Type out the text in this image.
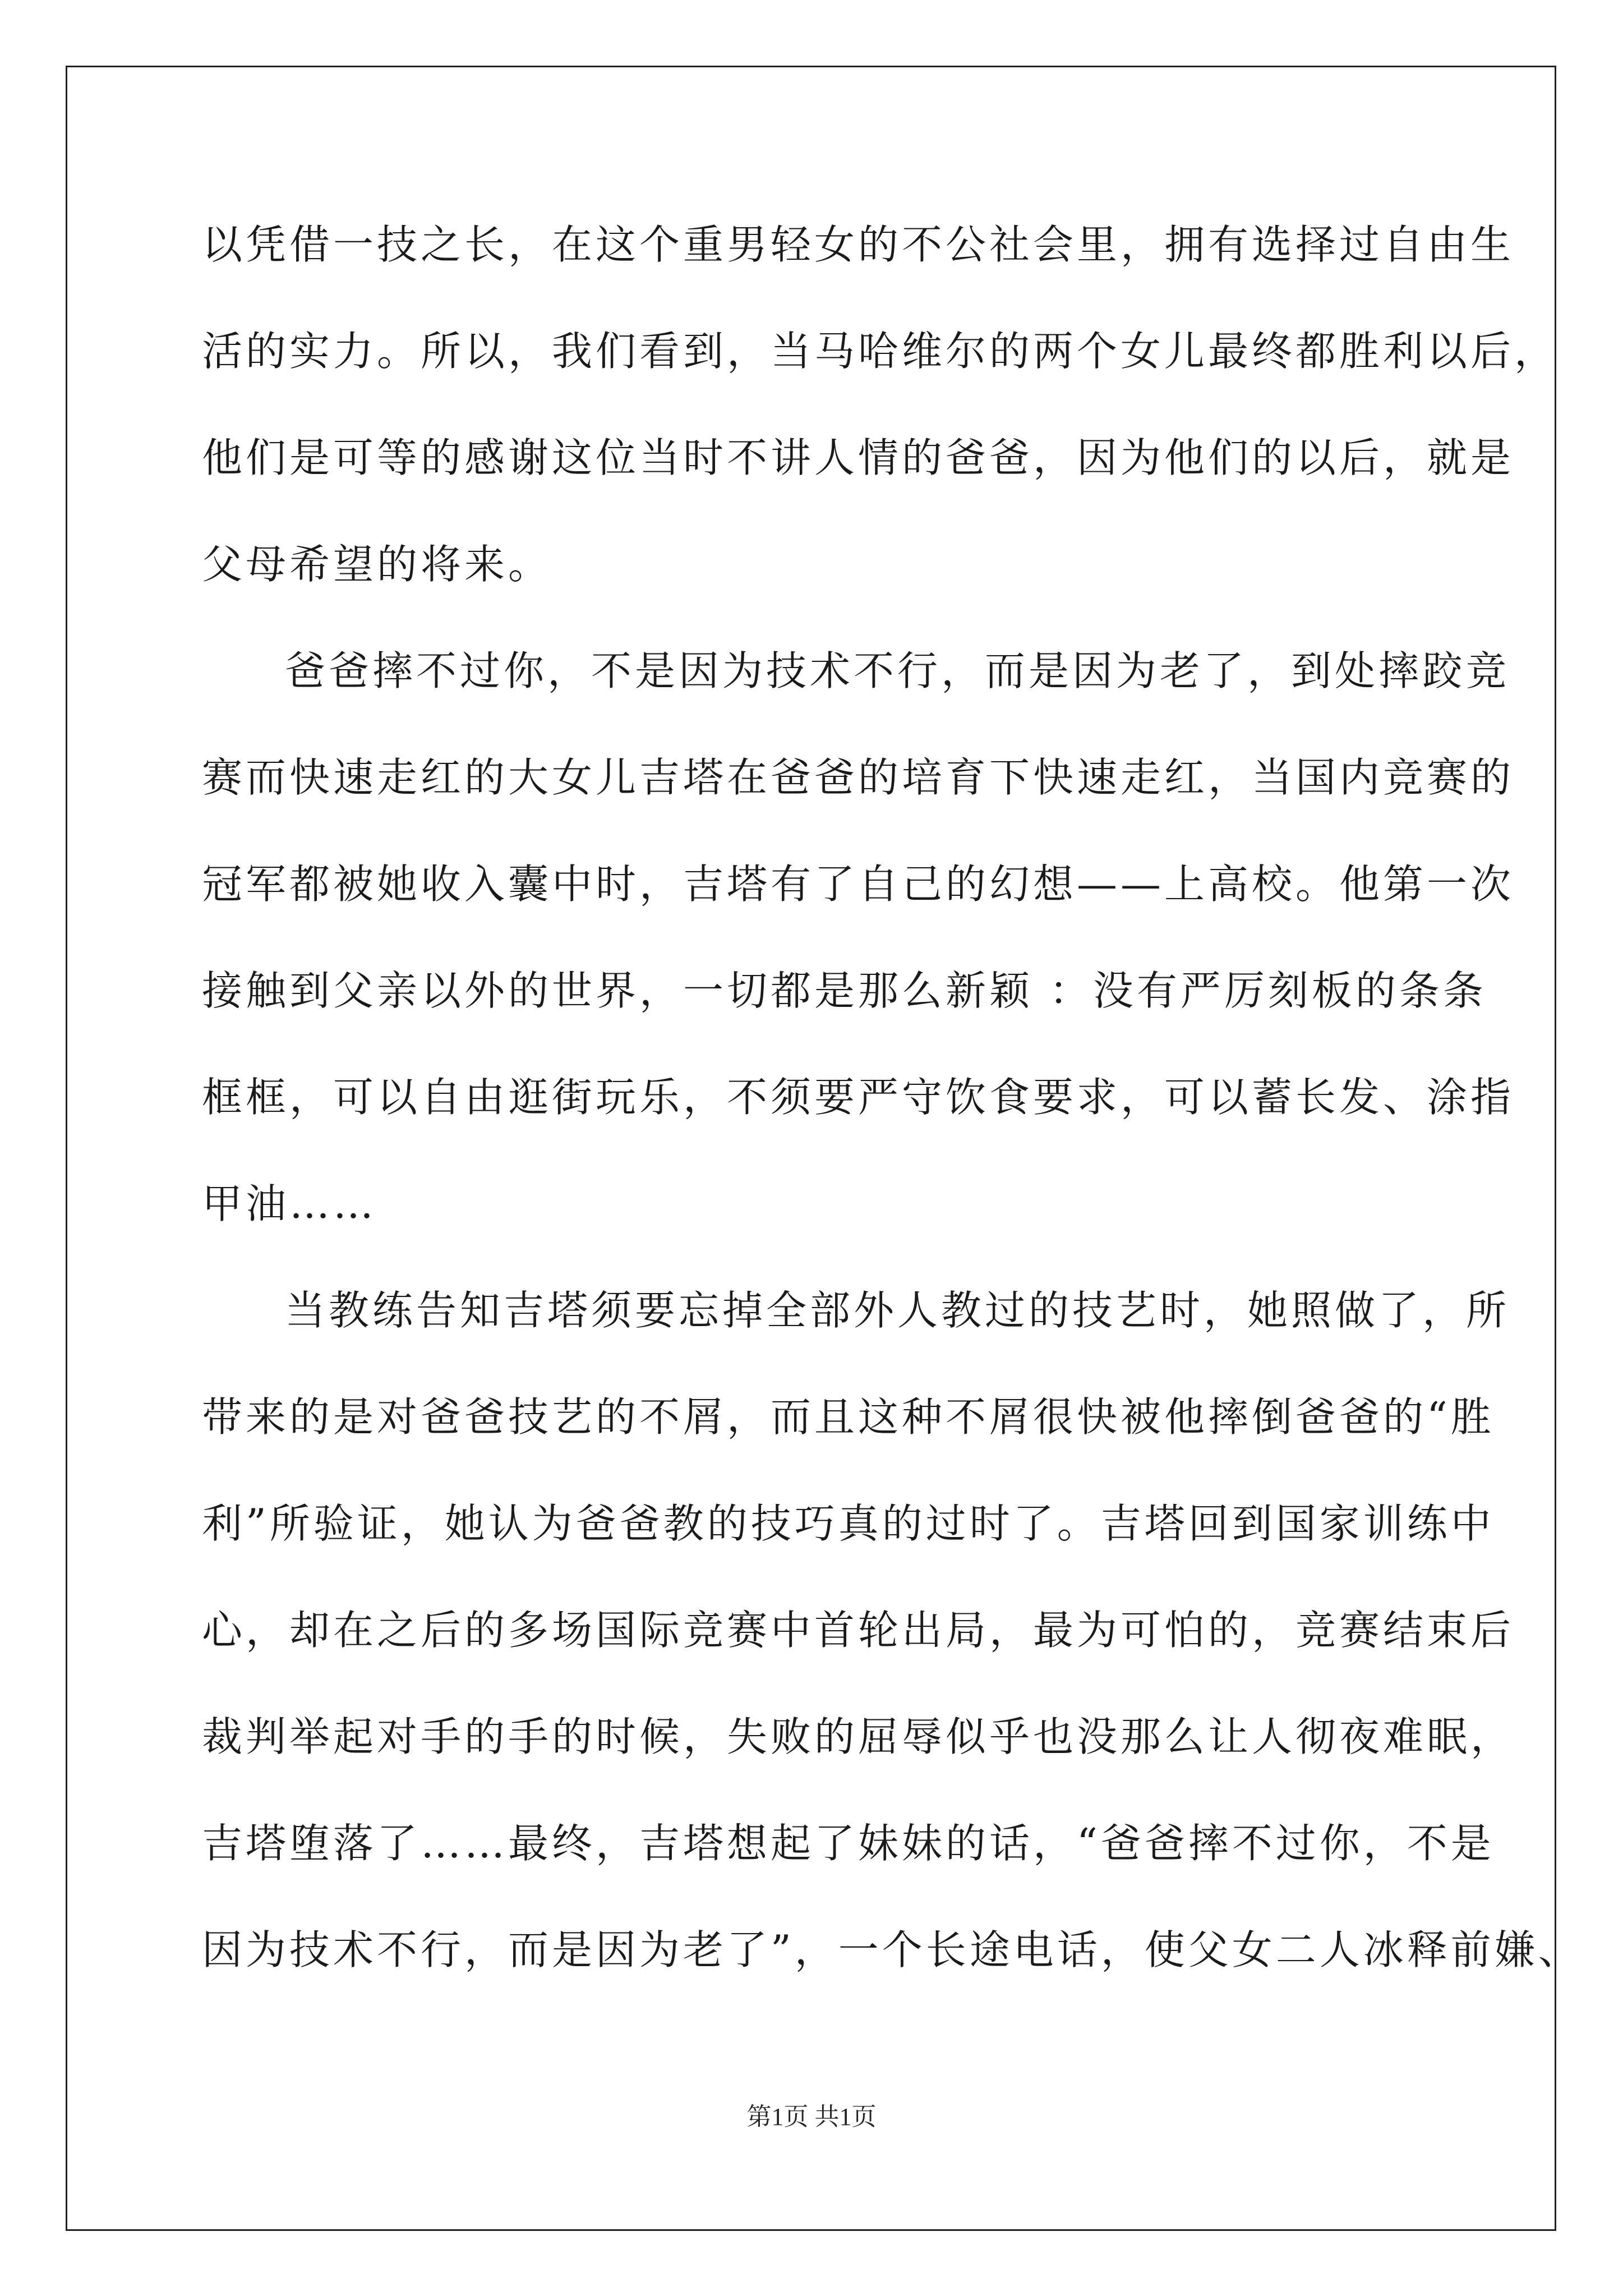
以凭借一技之长，在这个重男轻女的不公社会里，拥有选择过自由生
活的实力。所以，我们看到，当马哈维尔的两个女儿最终都胜利以后，
他们是可等的感谢这位当时不讲人情的爸爸，因为他们的以后，就是
父母希望的将来。
爸爸摔不过你，不是因为技术不行，而是因为老了，到处摔跤竞
赛而快速走红的大女儿吉塔在爸爸的培育下快速走红，当国内竞赛的
冠军都被她收入囊中时，吉塔有了自己的幻想——上高校。他第一次
接触到父亲以外的世界，一切都是那么新颖 ：没有严厉刻板的条条
框框，可以自由逛街玩乐，不须要严守饮食要求，可以蓄长发、涂指
甲油……
当教练告知吉塔须要忘掉全部外人教过的技艺时，她照做了，所
带来的是对爸爸技艺的不屑，而且这种不屑很快被他摔倒爸爸的“胜
利”所验证，她认为爸爸教的技巧真的过时了。吉塔回到国家训练中
心，却在之后的多场国际竞赛中首轮出局，最为可怕的，竞赛结束后
裁判举起对手的手的时候，失败的屈辱似乎也没那么让人彻夜难眠，
吉塔堕落了……最终，吉塔想起了妹妹的话，“爸爸摔不过你，不是
因为技术不行，而是因为老了”，一个长途电话，使父女二人冰释前嫌、
第1页 共1页
